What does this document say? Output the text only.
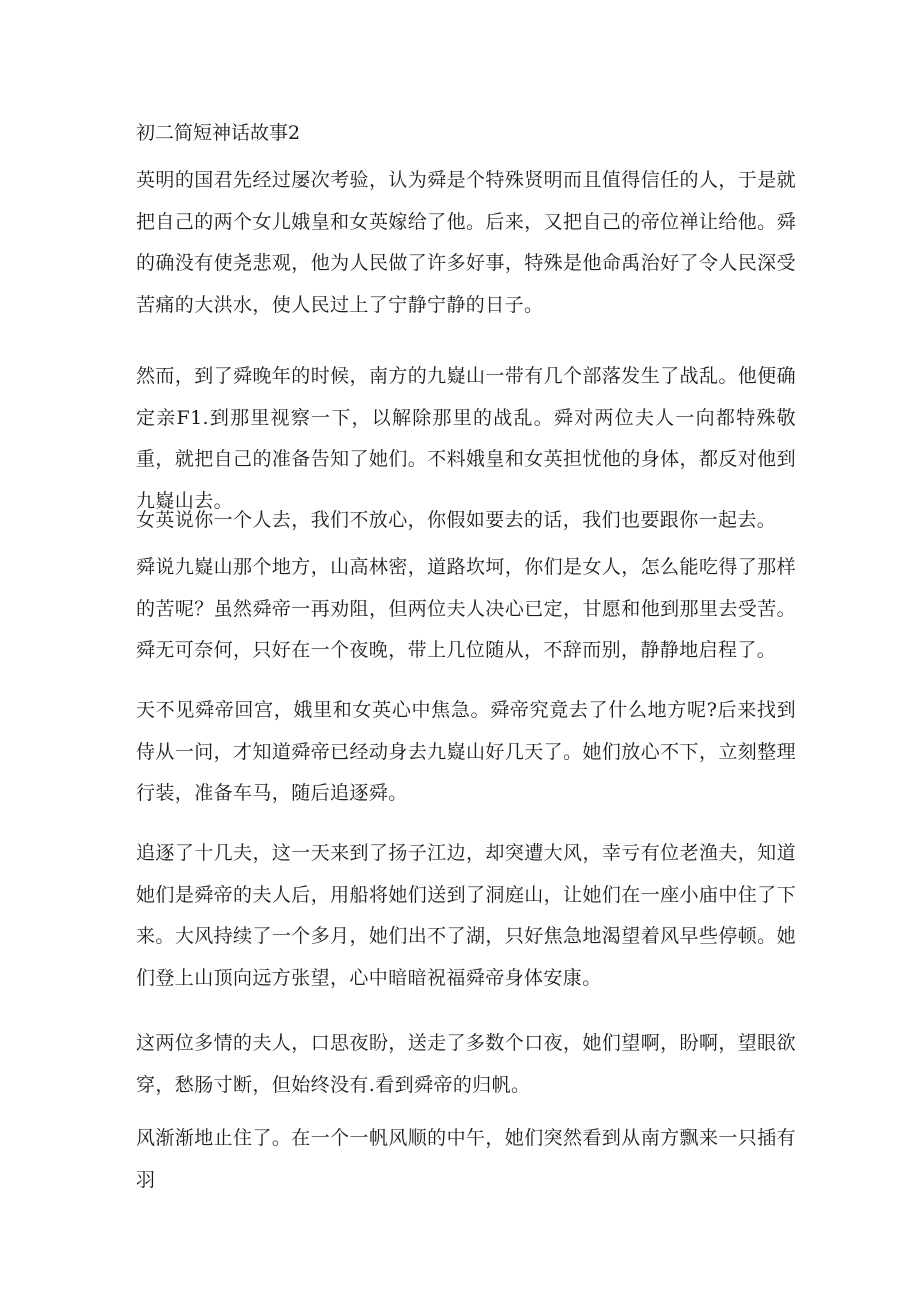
初二简短神话故事2

英明的国君先经过屡次考验，认为舜是个特殊贤明而且值得信任的人，于是就把自己的两个女儿娥皇和女英嫁给了他。后来，又把自己的帝位禅让给他。舜的确没有使尧悲观，他为人民做了许多好事，特殊是他命禹治好了令人民深受苦痛的大洪水，使人民过上了宁静宁静的日子。

然而，到了舜晚年的时候，南方的九嶷山一带有几个部落发生了战乱。他便确定亲F1.到那里视察一下，以解除那里的战乱。舜对两位夫人一向都特殊敬重，就把自己的准备告知了她们。不料娥皇和女英担忧他的身体，都反对他到九嶷山去。

女英说你一个人去，我们不放心，你假如要去的话，我们也要跟你一起去。

舜说九嶷山那个地方，山高林密，道路坎坷，你们是女人，怎么能吃得了那样的苦呢？虽然舜帝一再劝阻，但两位夫人决心已定，甘愿和他到那里去受苦。舜无可奈何，只好在一个夜晚，带上几位随从，不辞而别，静静地启程了。

天不见舜帝回宫，娥里和女英心中焦急。舜帝究竟去了什么地方呢?后来找到侍从一问，才知道舜帝已经动身去九嶷山好几天了。她们放心不下，立刻整理行装，准备车马，随后追逐舜。

追逐了十几夫，这一天来到了扬子江边，却突遭大风，幸亏有位老渔夫，知道她们是舜帝的夫人后，用船将她们送到了洞庭山，让她们在一座小庙中住了下来。大风持续了一个多月，她们出不了湖，只好焦急地渴望着风早些停顿。她们登上山顶向远方张望，心中暗暗祝福舜帝身体安康。

这两位多情的夫人，口思夜盼，送走了多数个口夜，她们望啊，盼啊，望眼欲穿，愁肠寸断，但始终没有.看到舜帝的归帆。

风渐渐地止住了。在一个一帆风顺的中午，她们突然看到从南方飘来一只插有羽
